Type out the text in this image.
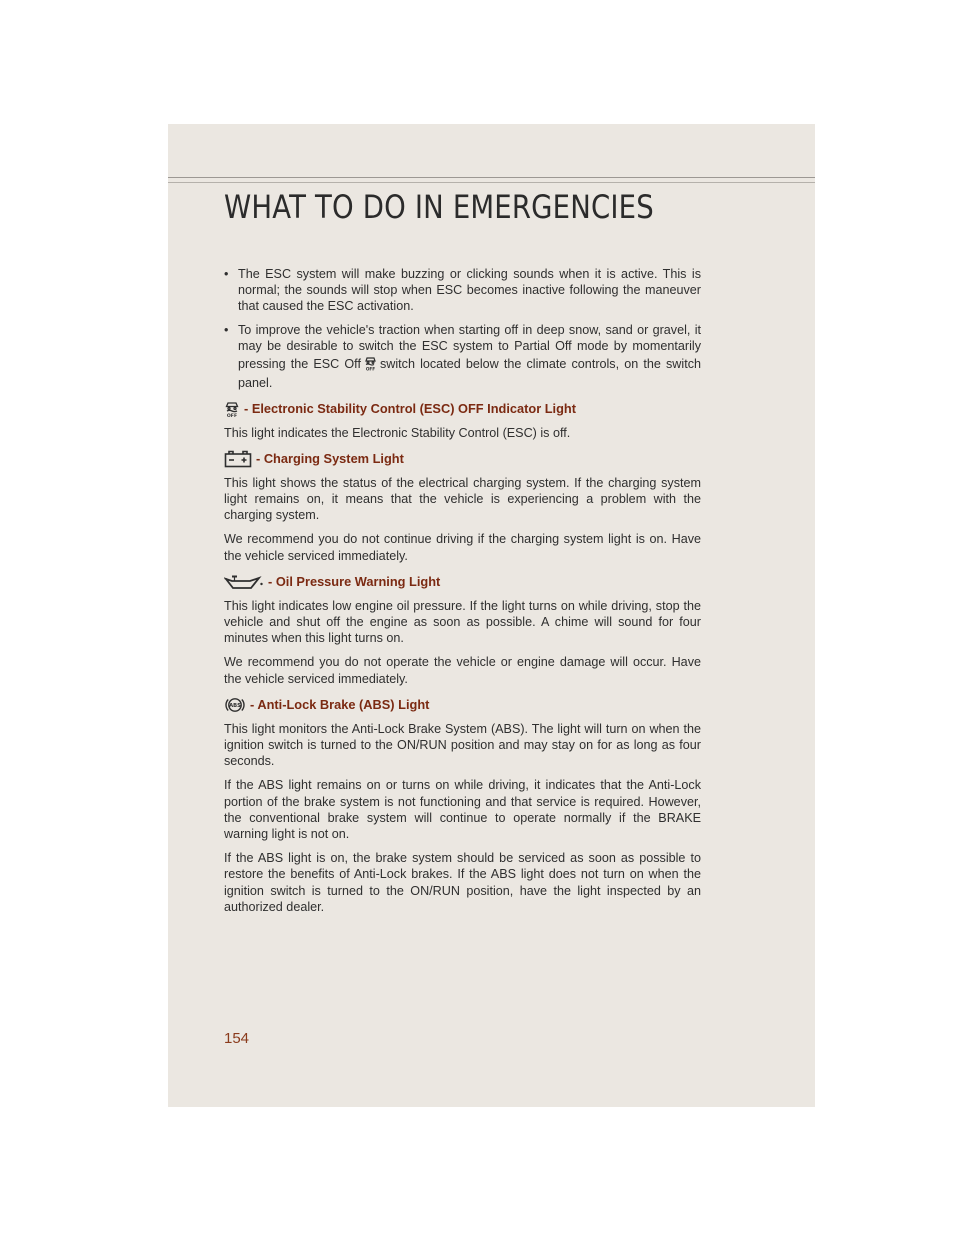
WHAT TO DO IN EMERGENCIES
• The ESC system will make buzzing or clicking sounds when it is active. This is normal; the sounds will stop when ESC becomes inactive following the maneuver that caused the ESC activation.
• To improve the vehicle's traction when starting off in deep snow, sand or gravel, it may be desirable to switch the ESC system to Partial Off mode by momentarily pressing the ESC Off OFF switch located below the climate controls, on the switch panel.
OFF
- Electronic Stability Control (ESC) OFF Indicator Light

This light indicates the Electronic Stability Control (ESC) is off.

- Charging System Light

This light shows the status of the electrical charging system. If the charging system light remains on, it means that the vehicle is experiencing a problem with the charging system.

We recommend you do not continue driving if the charging system light is on. Have the vehicle serviced immediately.

- Oil Pressure Warning Light

This light indicates low engine oil pressure. If the light turns on while driving, stop the vehicle and shut off the engine as soon as possible. A chime will sound for four minutes when this light turns on.

We recommend you do not operate the vehicle or engine damage will occur. Have the vehicle serviced immediately.

ABS - Anti-Lock Brake (ABS) Light

This light monitors the Anti-Lock Brake System (ABS). The light will turn on when the ignition switch is turned to the ON/RUN position and may stay on for as long as four seconds.

If the ABS light remains on or turns on while driving, it indicates that the Anti-Lock portion of the brake system is not functioning and that service is required. However, the conventional brake system will continue to operate normally if the BRAKE warning light is not on.

If the ABS light is on, the brake system should be serviced as soon as possible to restore the benefits of Anti-Lock brakes. If the ABS light does not turn on when the ignition switch is turned to the ON/RUN position, have the light inspected by an authorized dealer.

154
